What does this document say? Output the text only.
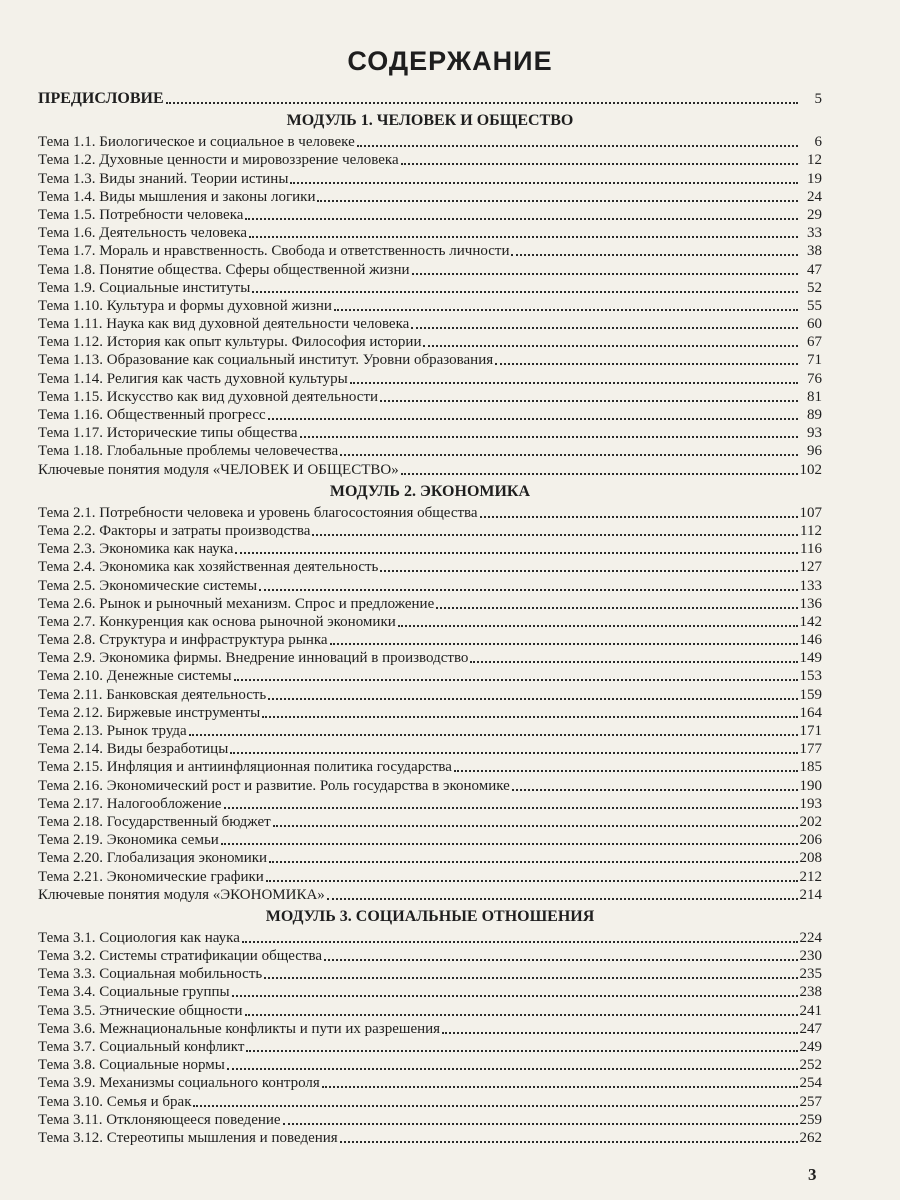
СОДЕРЖАНИЕ
ПРЕДИСЛОВИЕ	5
МОДУЛЬ 1. ЧЕЛОВЕК И ОБЩЕСТВО
Тема 1.1. Биологическое и социальное в человеке	6
Тема 1.2. Духовные ценности и мировоззрение человека	12
Тема 1.3. Виды знаний. Теории истины	19
Тема 1.4. Виды мышления и законы логики	24
Тема 1.5. Потребности человека	29
Тема 1.6. Деятельность человека	33
Тема 1.7. Мораль и нравственность. Свобода и ответственность личности	38
Тема 1.8. Понятие общества. Сферы общественной жизни	47
Тема 1.9. Социальные институты	52
Тема 1.10. Культура и формы духовной жизни	55
Тема 1.11. Наука как вид духовной деятельности человека	60
Тема 1.12. История как опыт культуры. Философия истории	67
Тема 1.13. Образование как социальный институт. Уровни образования	71
Тема 1.14. Религия как часть духовной культуры	76
Тема 1.15. Искусство как вид духовной деятельности	81
Тема 1.16. Общественный прогресс	89
Тема 1.17. Исторические типы общества	93
Тема 1.18. Глобальные проблемы человечества	96
Ключевые понятия модуля «ЧЕЛОВЕК И ОБЩЕСТВО»	102
МОДУЛЬ 2. ЭКОНОМИКА
Тема 2.1. Потребности человека и уровень благосостояния общества	107
Тема 2.2. Факторы и затраты производства	112
Тема 2.3. Экономика как наука	116
Тема 2.4. Экономика как хозяйственная деятельность	127
Тема 2.5. Экономические системы	133
Тема 2.6. Рынок и рыночный механизм. Спрос и предложение	136
Тема 2.7. Конкуренция как основа рыночной экономики	142
Тема 2.8. Структура и инфраструктура рынка	146
Тема 2.9. Экономика фирмы. Внедрение инноваций в производство	149
Тема 2.10. Денежные системы	153
Тема 2.11. Банковская деятельность	159
Тема 2.12. Биржевые инструменты	164
Тема 2.13. Рынок труда	171
Тема 2.14. Виды безработицы	177
Тема 2.15. Инфляция и антиинфляционная политика государства	185
Тема 2.16. Экономический рост и развитие. Роль государства в экономике	190
Тема 2.17. Налогообложение	193
Тема 2.18. Государственный бюджет	202
Тема 2.19. Экономика семьи	206
Тема 2.20. Глобализация экономики	208
Тема 2.21. Экономические графики	212
Ключевые понятия модуля «ЭКОНОМИКА»	214
МОДУЛЬ 3. СОЦИАЛЬНЫЕ ОТНОШЕНИЯ
Тема 3.1. Социология как наука	224
Тема 3.2. Системы стратификации общества	230
Тема 3.3. Социальная мобильность	235
Тема 3.4. Социальные группы	238
Тема 3.5. Этнические общности	241
Тема 3.6. Межнациональные конфликты и пути их разрешения	247
Тема 3.7. Социальный конфликт	249
Тема 3.8. Социальные нормы	252
Тема 3.9. Механизмы социального контроля	254
Тема 3.10. Семья и брак	257
Тема 3.11. Отклоняющееся поведение	259
Тема 3.12. Стереотипы мышления и поведения	262
3
